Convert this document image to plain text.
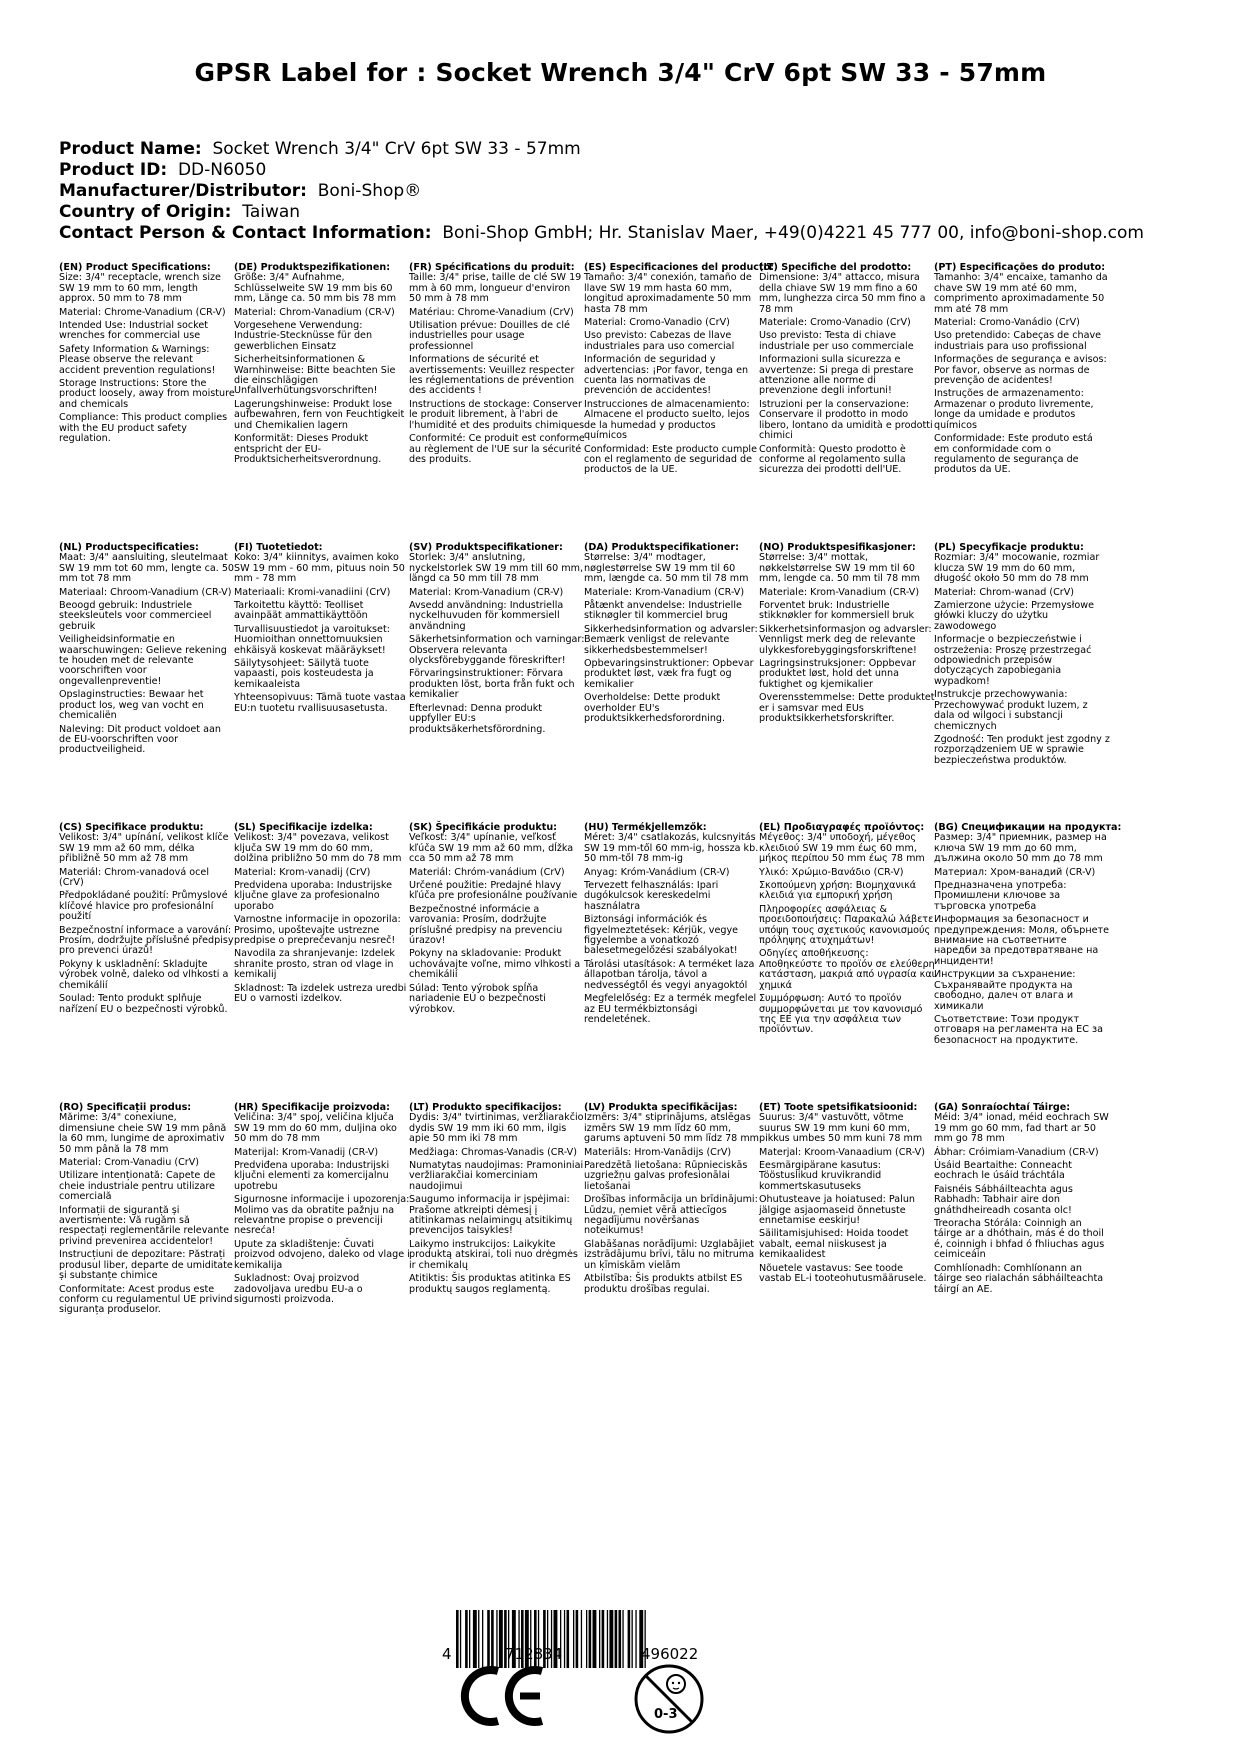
GPSR Label for : Socket Wrench 3/4" CrV 6pt SW 33 - 57mm
Product Name: Socket Wrench 3/4" CrV 6pt SW 33 - 57mm
Product ID: DD-N6050
Manufacturer/Distributor: Boni-Shop®
Country of Origin: Taiwan
Contact Person & Contact Information: Boni-Shop GmbH; Hr. Stanislav Maer, +49(0)4221 45 777 00, info@boni-shop.com
(EN) Product Specifications:
Size: 3/4" receptacle, wrench size SW 19 mm to 60 mm, length approx. 50 mm to 78 mm
Material: Chrome-Vanadium (CR-V)
Intended Use: Industrial socket wrenches for commercial use
Safety Information & Warnings: Please observe the relevant accident prevention regulations!
Storage Instructions: Store the product loosely, away from moisture and chemicals
Compliance: This product complies with the EU product safety regulation.
(DE) Produktspezifikationen:
Größe: 3/4" Aufnahme, Schlüsselweite SW 19 mm bis 60 mm, Länge ca. 50 mm bis 78 mm
Material: Chrom-Vanadium (CR-V)
Vorgesehene Verwendung: Industrie-Stecknüsse für den gewerblichen Einsatz
Sicherheitsinformationen & Warnhinweise: Bitte beachten Sie die einschlägigen Unfallverhütungsvorschriften!
Lagerungshinweise: Produkt lose aufbewahren, fern von Feuchtigkeit und Chemikalien lagern
Konformität: Dieses Produkt entspricht der EU-Produktsicherheitsverordnung.
(FR) Spécifications du produit:
Taille: 3/4" prise, taille de clé SW 19 mm à 60 mm, longueur d'environ 50 mm à 78 mm
Matériau: Chrome-Vanadium (CrV)
Utilisation prévue: Douilles de clé industrielles pour usage professionnel
Informations de sécurité et avertissements: Veuillez respecter les réglementations de prévention des accidents !
Instructions de stockage: Conserver le produit librement, à l'abri de l'humidité et des produits chimiques
Conformité: Ce produit est conforme au règlement de l'UE sur la sécurité des produits.
(ES) Especificaciones del producto:
Tamaño: 3/4" conexión, tamaño de llave SW 19 mm hasta 60 mm, longitud aproximadamente 50 mm hasta 78 mm
Material: Cromo-Vanadio (CrV)
Uso previsto: Cabezas de llave industriales para uso comercial
Información de seguridad y advertencias: ¡Por favor, tenga en cuenta las normativas de prevención de accidentes!
Instrucciones de almacenamiento: Almacene el producto suelto, lejos de la humedad y productos químicos
Conformidad: Este producto cumple con el reglamento de seguridad de productos de la UE.
(IT) Specifiche del prodotto:
Dimensione: 3/4" attacco, misura della chiave SW 19 mm fino a 60 mm, lunghezza circa 50 mm fino a 78 mm
Materiale: Cromo-Vanadio (CrV)
Uso previsto: Testa di chiave industriale per uso commerciale
Informazioni sulla sicurezza e avvertenze: Si prega di prestare attenzione alle norme di prevenzione degli infortuni!
Istruzioni per la conservazione: Conservare il prodotto in modo libero, lontano da umidità e prodotti chimici
Conformità: Questo prodotto è conforme al regolamento sulla sicurezza dei prodotti dell'UE.
(PT) Especificações do produto:
Tamanho: 3/4" encaixe, tamanho da chave SW 19 mm até 60 mm, comprimento aproximadamente 50 mm até 78 mm
Material: Cromo-Vanádio (CrV)
Uso pretendido: Cabeças de chave industriais para uso profissional
Informações de segurança e avisos: Por favor, observe as normas de prevenção de acidentes!
Instruções de armazenamento: Armazenar o produto livremente, longe da umidade e produtos químicos
Conformidade: Este produto está em conformidade com o regulamento de segurança de produtos da UE.
(NL) Productspecificaties:
Maat: 3/4" aansluiting, sleutelmaat SW 19 mm tot 60 mm, lengte ca. 50 mm tot 78 mm
Materiaal: Chroom-Vanadium (CR-V)
Beoogd gebruik: Industriele steeksleutels voor commercieel gebruik
Veiligheidsinformatie en waarschuwingen: Gelieve rekening te houden met de relevante voorschriften voor ongevallenpreventie!
Opslaginstructies: Bewaar het product los, weg van vocht en chemicaliën
Naleving: Dit product voldoet aan de EU-voorschriften voor productveiligheid.
(FI) Tuotetiedot:
Koko: 3/4" kiinnitys, avaimen koko SW 19 mm - 60 mm, pituus noin 50 mm - 78 mm
Materiaali: Kromi-vanadiini (CrV)
Tarkoitettu käyttö: Teolliset avainpäät ammattikäyttöön
Turvallisuustiedot ja varoitukset: Huomioithan onnettomuuksien ehkäisyä koskevat määräykset!
Säilytysohjeet: Säilytä tuote vapaasti, pois kosteudesta ja kemikaaleista
Yhteensopivuus: Tämä tuote vastaa EU:n tuotetu rvallisuusasetusta.
(SV) Produktspecifikationer:
Storlek: 3/4" anslutning, nyckelstorlek SW 19 mm till 60 mm, längd ca 50 mm till 78 mm
Material: Krom-Vanadium (CR-V)
Avsedd användning: Industriella nyckelhuvuden för kommersiell användning
Säkerhetsinformation och varningar: Observera relevanta olycksförebyggande föreskrifter!
Förvaringsinstruktioner: Förvara produkten löst, borta från fukt och kemikalier
Efterlevnad: Denna produkt uppfyller EU:s produktsäkerhetsförordning.
(DA) Produktspecifikationer:
Størrelse: 3/4" modtager, nøglestørrelse SW 19 mm til 60 mm, længde ca. 50 mm til 78 mm
Materiale: Krom-Vanadium (CR-V)
Påtænkt anvendelse: Industrielle stiknøgler til kommerciel brug
Sikkerhedsinformation og advarsler: Bemærk venligst de relevante sikkerhedsbestemmelser!
Opbevaringsinstruktioner: Opbevar produktet løst, væk fra fugt og kemikalier
Overholdelse: Dette produkt overholder EU's produktsikkerhedsforordning.
(NO) Produktspesifikasjoner:
Størrelse: 3/4" mottak, nøkkelstørrelse SW 19 mm til 60 mm, lengde ca. 50 mm til 78 mm
Materiale: Krom-Vanadium (CR-V)
Forventet bruk: Industrielle stikknøkler for kommersiell bruk
Sikkerhetsinformasjon og advarsler: Vennligst merk deg de relevante ulykkesforebyggingsforskriftene!
Lagringsinstruksjoner: Oppbevar produktet løst, hold det unna fuktighet og kjemikalier
Overensstemmelse: Dette produktet er i samsvar med EUs produktsikkerhetsforskrifter.
(PL) Specyfikacje produktu:
Rozmiar: 3/4" mocowanie, rozmiar klucza SW 19 mm do 60 mm, długość około 50 mm do 78 mm
Materiał: Chrom-wanad (CrV)
Zamierzone użycie: Przemysłowe główki kluczy do użytku zawodowego
Informacje o bezpieczeństwie i ostrzeżenia: Proszę przestrzegać odpowiednich przepisów dotyczących zapobiegania wypadkom!
Instrukcje przechowywania: Przechowywać produkt luzem, z dala od wilgoci i substancji chemicznych
Zgodność: Ten produkt jest zgodny z rozporządzeniem UE w sprawie bezpieczeństwa produktów.
(CS) Specifikace produktu:
Velikost: 3/4" upínání, velikost klíče SW 19 mm až 60 mm, délka přibližně 50 mm až 78 mm
Materiál: Chrom-vanadová ocel (CrV)
Předpokládané použití: Průmyslové klíčové hlavice pro profesionální použití
Bezpečnostní informace a varování: Prosím, dodržujte příslušné předpisy pro prevenci úrazů!
Pokyny k uskladnění: Skladujte výrobek volně, daleko od vlhkosti a chemikálií
Soulad: Tento produkt splňuje nařízení EU o bezpečnosti výrobků.
(SL) Specifikacije izdelka:
Velikost: 3/4" povezava, velikost ključa SW 19 mm do 60 mm, dolžina približno 50 mm do 78 mm
Material: Krom-vanadij (CrV)
Predvidena uporaba: Industrijske ključne glave za profesionalno uporabo
Varnostne informacije in opozorila: Prosimo, upoštevajte ustrezne predpise o preprečevanju nesreč!
Navodila za shranjevanje: Izdelek shranite prosto, stran od vlage in kemikalij
Skladnost: Ta izdelek ustreza uredbi EU o varnosti izdelkov.
(SK) Špecifikácie produktu:
Veľkosť: 3/4" upínanie, veľkosť kľúča SW 19 mm až 60 mm, dĺžka cca 50 mm až 78 mm
Materiál: Chróm-vanádium (CrV)
Určené použitie: Predajné hlavy kľúča pre profesionálne používanie
Bezpečnostné informácie a varovania: Prosím, dodržujte príslušné predpisy na prevenciu úrazov!
Pokyny na skladovanie: Produkt uchovávajte voľne, mimo vlhkosti a chemikálií
Súlad: Tento výrobok spĺňa nariadenie EÚ o bezpečnosti výrobkov.
(HU) Termékjellemzők:
Méret: 3/4" csatlakozás, kulcsnyitás SW 19 mm-től 60 mm-ig, hossza kb. 50 mm-től 78 mm-ig
Anyag: Króm-Vanádium (CR-V)
Tervezett felhasználás: Ipari dugókulcsok kereskedelmi használatra
Biztonsági információk és figyelmeztetések: Kérjük, vegye figyelembe a vonatkozó balesetmegelőzési szabályokat!
Tárolási utasítások: A terméket laza állapotban tárolja, távol a nedvességtől és vegyi anyagoktól
Megfelelőség: Ez a termék megfelel az EU termékbiztonsági rendeletének.
(EL) Προδιαγραφές προϊόντος:
Μέγεθος: 3/4" υποδοχή, μέγεθος κλειδιού SW 19 mm έως 60 mm, μήκος περίπου 50 mm έως 78 mm
Υλικό: Χρώμιο-Βανάδιο (CR-V)
Σκοπούμενη χρήση: Βιομηχανικά κλειδιά για εμπορική χρήση
Πληροφορίες ασφάλειας & προειδοποιήσεις: Παρακαλώ λάβετε υπόψη τους σχετικούς κανονισμούς πρόληψης ατυχημάτων!
Οδηγίες αποθήκευσης: Αποθηκεύστε το προϊόν σε ελεύθερη κατάσταση, μακριά από υγρασία και χημικά
Συμμόρφωση: Αυτό το προϊόν συμμορφώνεται με τον κανονισμό της ΕΕ για την ασφάλεια των προϊόντων.
(BG) Спецификации на продукта:
Размер: 3/4" приемник, размер на ключа SW 19 mm до 60 mm, дължина около 50 mm до 78 mm
Материал: Хром-ванадий (CR-V)
Предназначена употреба: Промишлени ключове за търговска употреба
Информация за безопасност и предупреждения: Моля, обърнете внимание на съответните наредби за предотвратяване на инциденти!
Инструкции за съхранение: Съхранявайте продукта на свободно, далеч от влага и химикали
Съответствие: Този продукт отговаря на регламента на ЕС за безопасност на продуктите.
(RO) Specificații produs:
Mărime: 3/4" conexiune, dimensiune cheie SW 19 mm până la 60 mm, lungime de aproximativ 50 mm până la 78 mm
Material: Crom-Vanadiu (CrV)
Utilizare intenționată: Capete de cheie industriale pentru utilizare comercială
Informații de siguranță și avertismente: Vă rugăm să respectați reglementările relevante privind prevenirea accidentelor!
Instrucțiuni de depozitare: Păstrați produsul liber, departe de umiditate și substanțe chimice
Conformitate: Acest produs este conform cu regulamentul UE privind siguranța produselor.
(HR) Specifikacije proizvoda:
Veličina: 3/4" spoj, veličina ključa SW 19 mm do 60 mm, duljina oko 50 mm do 78 mm
Materijal: Krom-Vanadij (CR-V)
Predviđena uporaba: Industrijski ključni elementi za komercijalnu upotrebu
Sigurnosne informacije i upozorenja: Molimo vas da obratite pažnju na relevantne propise o prevenciji nesreća!
Upute za skladištenje: Čuvati proizvod odvojeno, daleko od vlage i kemikalija
Sukladnost: Ovaj proizvod zadovoljava uredbu EU-a o sigurnosti proizvoda.
(LT) Produkto specifikacijos:
Dydis: 3/4" tvirtinimas, veržliarakčio dydis SW 19 mm iki 60 mm, ilgis apie 50 mm iki 78 mm
Medžiaga: Chromas-Vanadis (CR-V)
Numatytas naudojimas: Pramoniniai veržliarakčiai komerciniam naudojimui
Saugumo informacija ir įspėjimai: Prašome atkreipti dėmesį į atitinkamas nelaimingų atsitikimų prevencijos taisykles!
Laikymo instrukcijos: Laikykite produktą atskirai, toli nuo drėgmės ir chemikalų
Atitiktis: Šis produktas atitinka ES produktų saugos reglamentą.
(LV) Produkta specifikācijas:
Izmērs: 3/4" stiprinājums, atslēgas izmērs SW 19 mm līdz 60 mm, garums aptuveni 50 mm līdz 78 mm
Materiāls: Hrom-Vanādijs (CrV)
Paredzētā lietošana: Rūpnieciskās uzgriežņu galvas profesionālai lietošanai
Drošības informācija un brīdinājumi: Lūdzu, ņemiet vērā attiecīgos negadījumu novēršanas noteikumus!
Glabāšanas norādījumi: Uzglabājiet izstrādājumu brīvi, tālu no mitruma un ķīmiskām vielām
Atbilstība: Šis produkts atbilst ES produktu drošības regulai.
(ET) Toote spetsifikatsioonid:
Suurus: 3/4" vastuvõtt, võtme suurus SW 19 mm kuni 60 mm, pikkus umbes 50 mm kuni 78 mm
Materjal: Kroom-Vanaadium (CR-V)
Eesmärgipärane kasutus: Tööstuslikud kruvikrandid kommertskasutuseks
Ohutusteave ja hoiatused: Palun jälgige asjaomaseid õnnetuste ennetamise eeskirju!
Säilitamisjuhised: Hoida toodet vabalt, eemal niiskusest ja kemikaalidest
Nõuetele vastavus: See toode vastab EL-i tooteohutusmäärusele.
(GA) Sonraíochtaí Táirge:
Méid: 3/4" ionad, méid eochrach SW 19 mm go 60 mm, fad thart ar 50 mm go 78 mm
Ábhar: Cróimiam-Vanadium (CR-V)
Úsáid Beartaithe: Conneacht eochrach le úsáid tráchtála
Faisnéis Sábháilteachta agus Rabhadh: Tabhair aire don gnáthdheireadh cosanta olc!
Treoracha Stórála: Coinnigh an táirge ar a dhóthain, más é do thoil é, coinnigh i bhfad ó fhliuchas agus ceimiceáin
Comhlíonadh: Comhlíonann an táirge seo rialachán sábháilteachta táirgí an AE.
4	712834	496022
0-3
